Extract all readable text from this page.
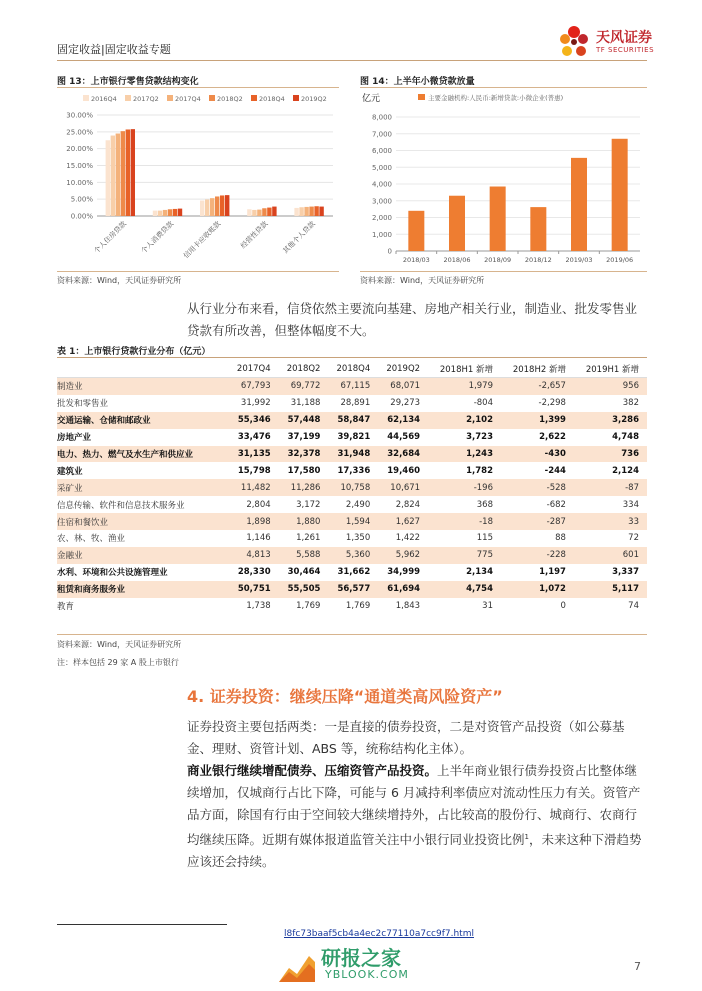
固定收益|固定收益专题
天风证券
TF SECURITIES
图 13：上市银行零售贷款结构变化
2016Q4 2017Q2 2017Q4 2018Q2 2018Q4 2019Q2
0.00%
5.00%
10.00%
15.00%
20.00%
25.00%
30.00%
个人住房贷款 个人消费贷款 信用卡应收账款 经营性贷款 其他个人贷款
资料来源：Wind，天风证券研究所
图 14：上半年小微贷款放量
亿元	主要金融机构:人民币:新增贷款:小微企业(普惠)
0
1,000
2,000
3,000
4,000
5,000
6,000
7,000
8,000
2018/03 2018/06 2018/09 2018/12 2019/03 2019/06
资料来源：Wind，天风证券研究所
从行业分布来看，信贷依然主要流向基建、房地产相关行业，制造业、批发零售业贷款有所改善，但整体幅度不大。
表 1：上市银行贷款行业分布（亿元）
	2017Q4	2018Q2	2018Q4	2019Q2	2018H1 新增	2018H2 新增	2019H1 新增
制造业	67,793	69,772	67,115	68,071	1,979	-2,657	956
批发和零售业	31,992	31,188	28,891	29,273	-804	-2,298	382
交通运输、仓储和邮政业	55,346	57,448	58,847	62,134	2,102	1,399	3,286
房地产业	33,476	37,199	39,821	44,569	3,723	2,622	4,748
电力、热力、燃气及水生产和供应业	31,135	32,378	31,948	32,684	1,243	-430	736
建筑业	15,798	17,580	17,336	19,460	1,782	-244	2,124
采矿业	11,482	11,286	10,758	10,671	-196	-528	-87
信息传输、软件和信息技术服务业	2,804	3,172	2,490	2,824	368	-682	334
住宿和餐饮业	1,898	1,880	1,594	1,627	-18	-287	33
农、林、牧、渔业	1,146	1,261	1,350	1,422	115	88	72
金融业	4,813	5,588	5,360	5,962	775	-228	601
水利、环境和公共设施管理业	28,330	30,464	31,662	34,999	2,134	1,197	3,337
租赁和商务服务业	50,751	55,505	56,577	61,694	4,754	1,072	5,117
教育	1,738	1,769	1,769	1,843	31	0	74
资料来源：Wind，天风证券研究所
注：样本包括 29 家 A 股上市银行
4. 证券投资：继续压降“通道类高风险资产”
证券投资主要包括两类：一是直接的债券投资，二是对资管产品投资（如公募基金、理财、资管计划、ABS 等，统称结构化主体）。
商业银行继续增配债券、压缩资管产品投资。上半年商业银行债券投资占比整体继续增加，仅城商行占比下降，可能与 6 月减持利率债应对流动性压力有关。资管产品方面，除国有行由于空间较大继续增持外，占比较高的股份行、城商行、农商行均继续压降。近期有媒体报道监管关注中小银行同业投资比例$^1$，未来这种下滑趋势应该还会持续。
l8fc73baaf5cb4a4ec2c77110a7cc9f7.html
研报之家
YBLOOK.COM
7
